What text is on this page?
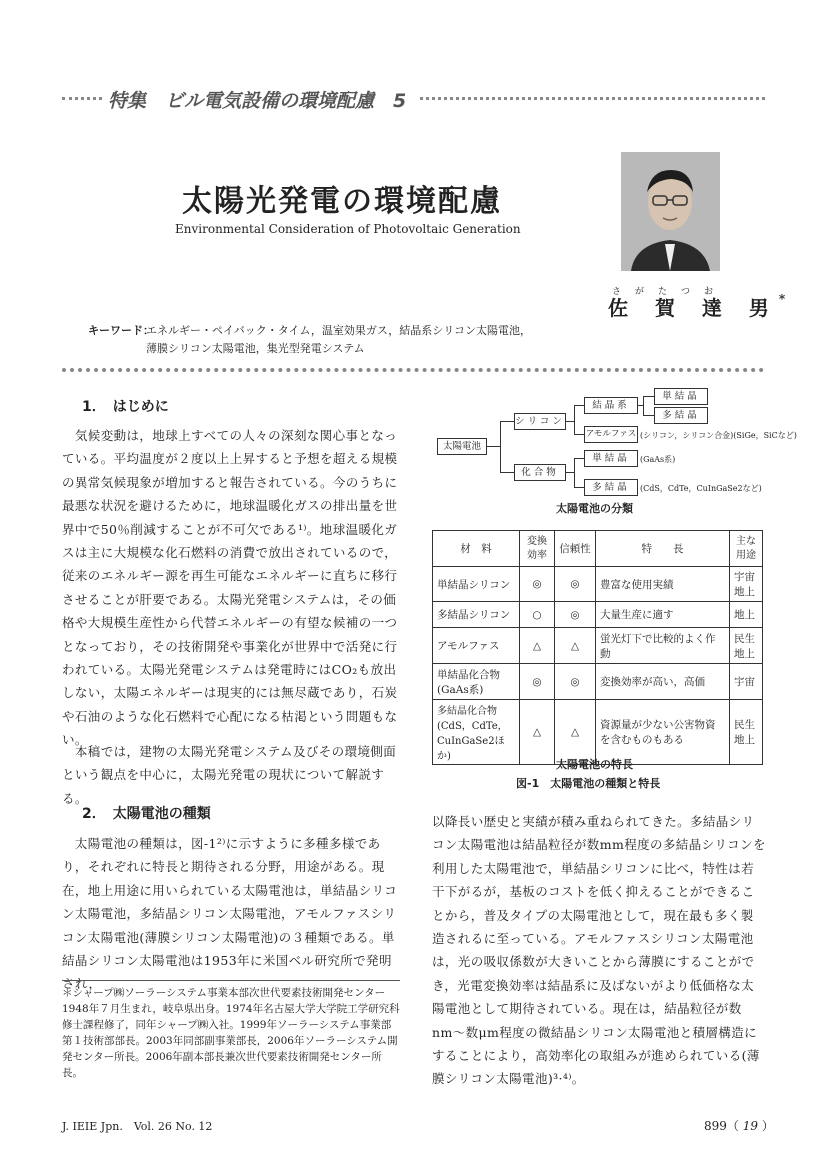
特集　ビル電気設備の環境配慮　5
太陽光発電の環境配慮
Environmental Consideration of Photovoltaic Generation
さがたつお
佐 賀 達 男*
キーワード：
エネルギー・ペイバック・タイム，温室効果ガス，結晶系シリコン太陽電池，
薄膜シリコン太陽電池，集光型発電システム
1．　はじめに
　気候変動は，地球上すべての人々の深刻な関心事となっている。平均温度が２度以上上昇すると予想を超える規模の異常気候現象が増加すると報告されている。今のうちに最悪な状況を避けるために，地球温暖化ガスの排出量を世界中で50％削減することが不可欠である¹⁾。地球温暖化ガスは主に大規模な化石燃料の消費で放出されているので，従来のエネルギー源を再生可能なエネルギーに直ちに移行させることが肝要である。太陽光発電システムは，その価格や大規模生産性から代替エネルギーの有望な候補の一つとなっており，その技術開発や事業化が世界中で活発に行われている。太陽光発電システムは発電時にはCO₂も放出しない，太陽エネルギーは現実的には無尽蔵であり，石炭や石油のような化石燃料で心配になる枯渇という問題もない。
　本稿では，建物の太陽光発電システム及びその環境側面という観点を中心に，太陽光発電の現状について解説する。
2．　太陽電池の種類
　太陽電池の種類は，図-1²⁾に示すように多種多様であり，それぞれに特長と期待される分野，用途がある。現在，地上用途に用いられている太陽電池は，単結晶シリコン太陽電池，多結晶シリコン太陽電池，アモルファスシリコン太陽電池(薄膜シリコン太陽電池)の３種類である。単結晶シリコン太陽電池は1953年に米国ベル研究所で発明され，
＊シャープ㈱ソーラーシステム事業本部次世代要素技術開発センター　1948年７月生まれ，岐阜県出身。1974年名古屋大学大学院工学研究科修士課程修了，同年シャープ㈱入社。1999年ソーラーシステム事業部第１技術部部長。2003年同部副事業部長，2006年ソーラーシステム開発センター所長。2006年副本部長兼次世代要素技術開発センター所長。
太陽電池
シリコン
化合物
結晶系
単結晶
多結晶
アモルファス (シリコン，シリコン合金)(SiGe，SiCなど)
単結晶	(GaAs系)
多結晶	(CdS，CdTe，CuInGaSe2など)
太陽電池の分類
材　料	変換効率	信頼性	特　　長	主な用途
単結晶シリコン	◎	◎	豊富な使用実績	宇宙地上
多結晶シリコン	○	◎	大量生産に適す	地上
アモルファス	△	△	蛍光灯下で比較的よく作動	民生地上
単結晶化合物(GaAs系)	◎	◎	変換効率が高い，高価	宇宙
多結晶化合物(CdS，CdTe，CuInGaSe2ほか)	△	△	資源量が少ない公害物資を含むものもある	民生地上
太陽電池の特長
図-1　太陽電池の種類と特長
以降長い歴史と実績が積み重ねられてきた。多結晶シリコン太陽電池は結晶粒径が数mm程度の多結晶シリコンを利用した太陽電池で，単結晶シリコンに比べ，特性は若干下がるが，基板のコストを低く抑えることができることから，普及タイプの太陽電池として，現在最も多く製造されるに至っている。アモルファスシリコン太陽電池は，光の吸収係数が大きいことから薄膜にすることができ，光電変換効率は結晶系に及ばないがより低価格な太陽電池として期待されている。現在は，結晶粒径が数nm〜数μm程度の微結晶シリコン太陽電池と積層構造にすることにより，高効率化の取組みが進められている(薄膜シリコン太陽電池)³·⁴⁾。
J. IEIE Jpn.　Vol. 26 No. 12	899（ 19 ）
